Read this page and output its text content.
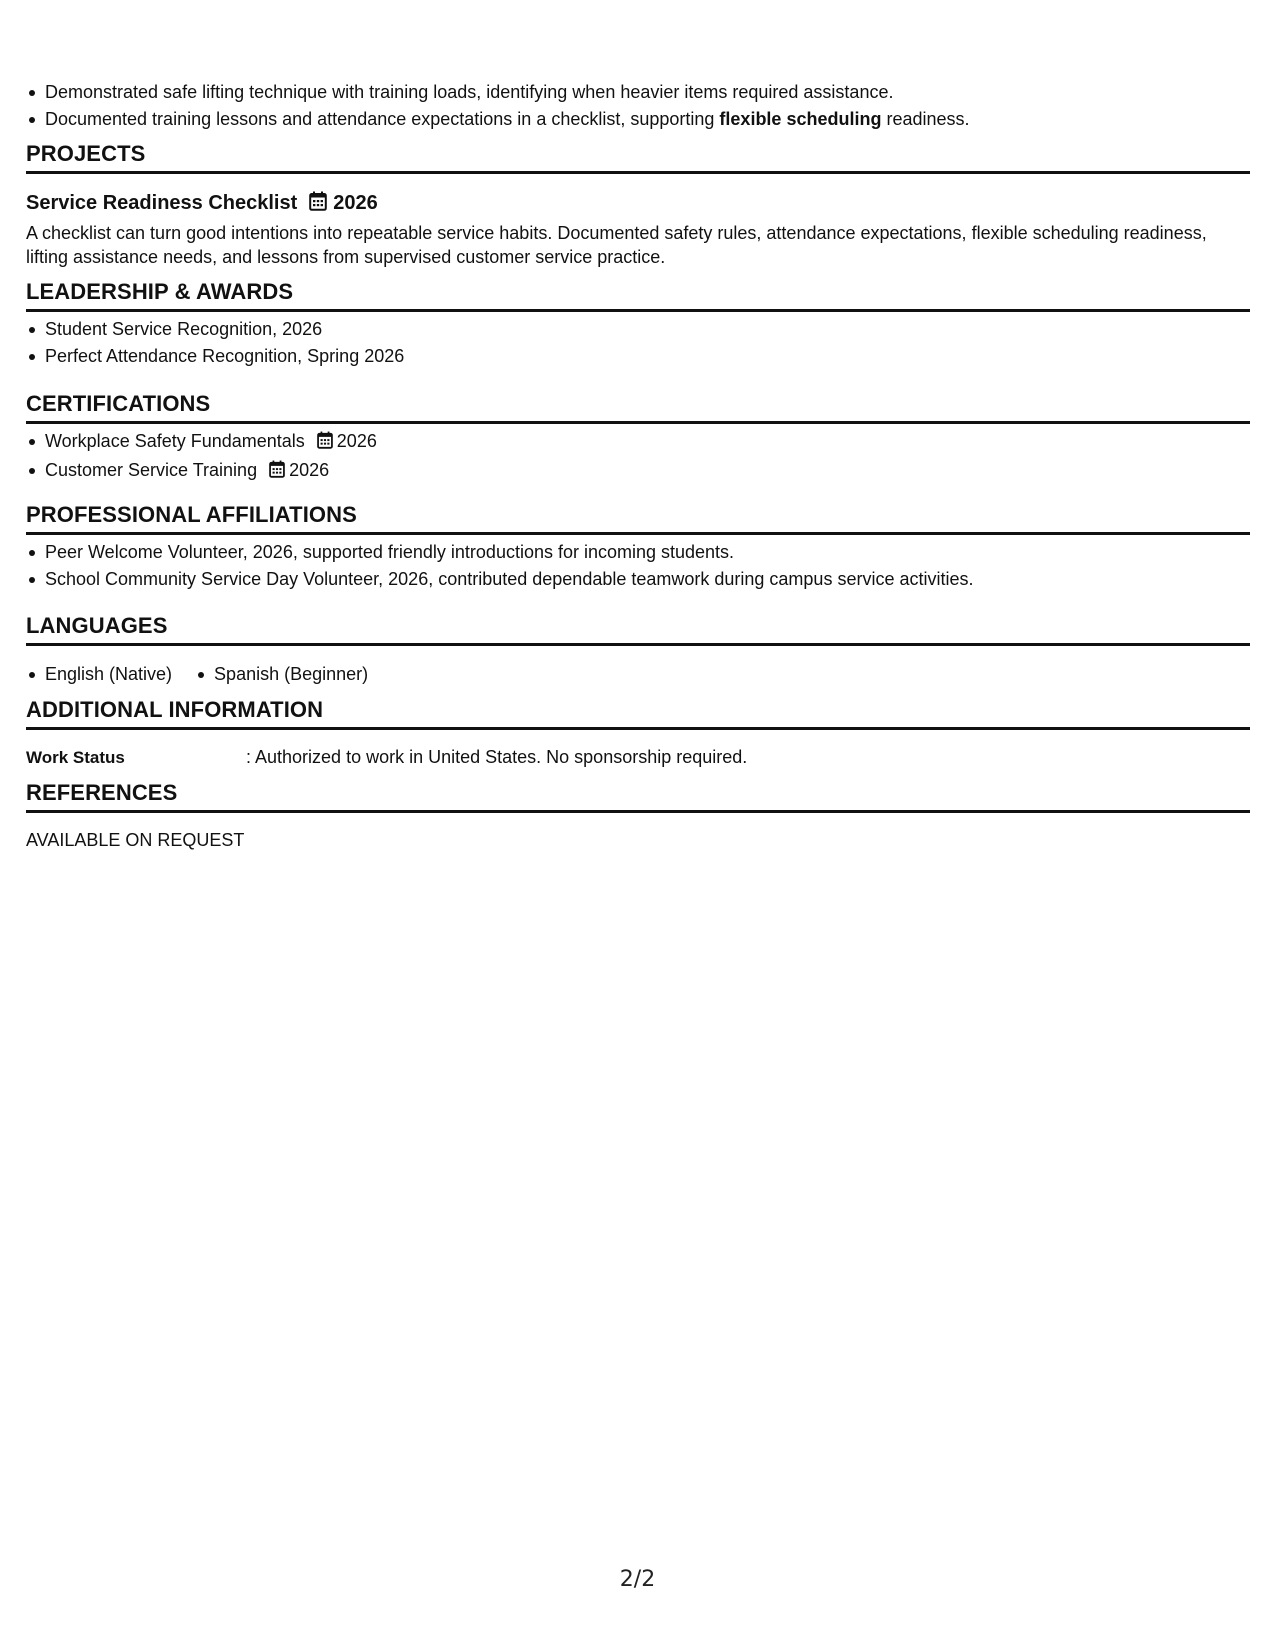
Demonstrated safe lifting technique with training loads, identifying when heavier items required assistance.
Documented training lessons and attendance expectations in a checklist, supporting flexible scheduling readiness.
PROJECTS
Service Readiness Checklist 2026
A checklist can turn good intentions into repeatable service habits. Documented safety rules, attendance expectations, flexible scheduling readiness, lifting assistance needs, and lessons from supervised customer service practice.
LEADERSHIP & AWARDS
Student Service Recognition, 2026
Perfect Attendance Recognition, Spring 2026
CERTIFICATIONS
Workplace Safety Fundamentals 2026
Customer Service Training 2026
PROFESSIONAL AFFILIATIONS
Peer Welcome Volunteer, 2026, supported friendly introductions for incoming students.
School Community Service Day Volunteer, 2026, contributed dependable teamwork during campus service activities.
LANGUAGES
English (Native)	Spanish (Beginner)
ADDITIONAL INFORMATION
Work Status	: Authorized to work in United States. No sponsorship required.
REFERENCES
AVAILABLE ON REQUEST
2/2
